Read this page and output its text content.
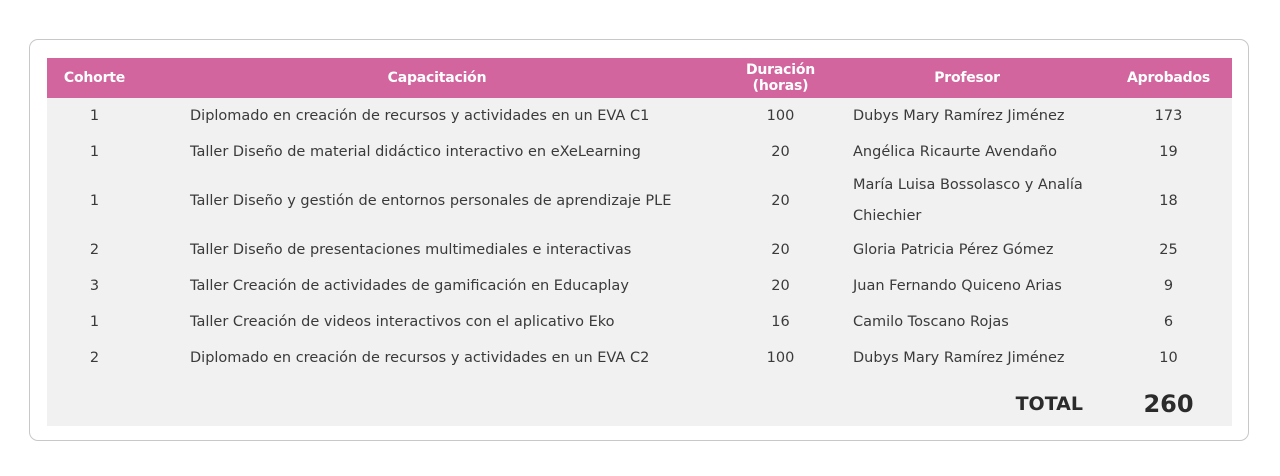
Cohorte	Capacitación	Duración (horas)	Profesor	Aprobados
1	Diplomado en creación de recursos y actividades en un EVA C1	100	Dubys Mary Ramírez Jiménez	173
1	Taller Diseño de material didáctico interactivo en eXeLearning	20	Angélica Ricaurte Avendaño	19
1	Taller Diseño y gestión de entornos personales de aprendizaje PLE	20	María Luisa Bossolasco y Analía Chiechier	18
2	Taller Diseño de presentaciones multimediales e interactivas	20	Gloria Patricia Pérez Gómez	25
3	Taller Creación de actividades de gamificación en Educaplay	20	Juan Fernando Quiceno Arias	9
1	Taller Creación de videos interactivos con el aplicativo Eko	16	Camilo Toscano Rojas	6
2	Diplomado en creación de recursos y actividades en un EVA C2	100	Dubys Mary Ramírez Jiménez	10
TOTAL				260
